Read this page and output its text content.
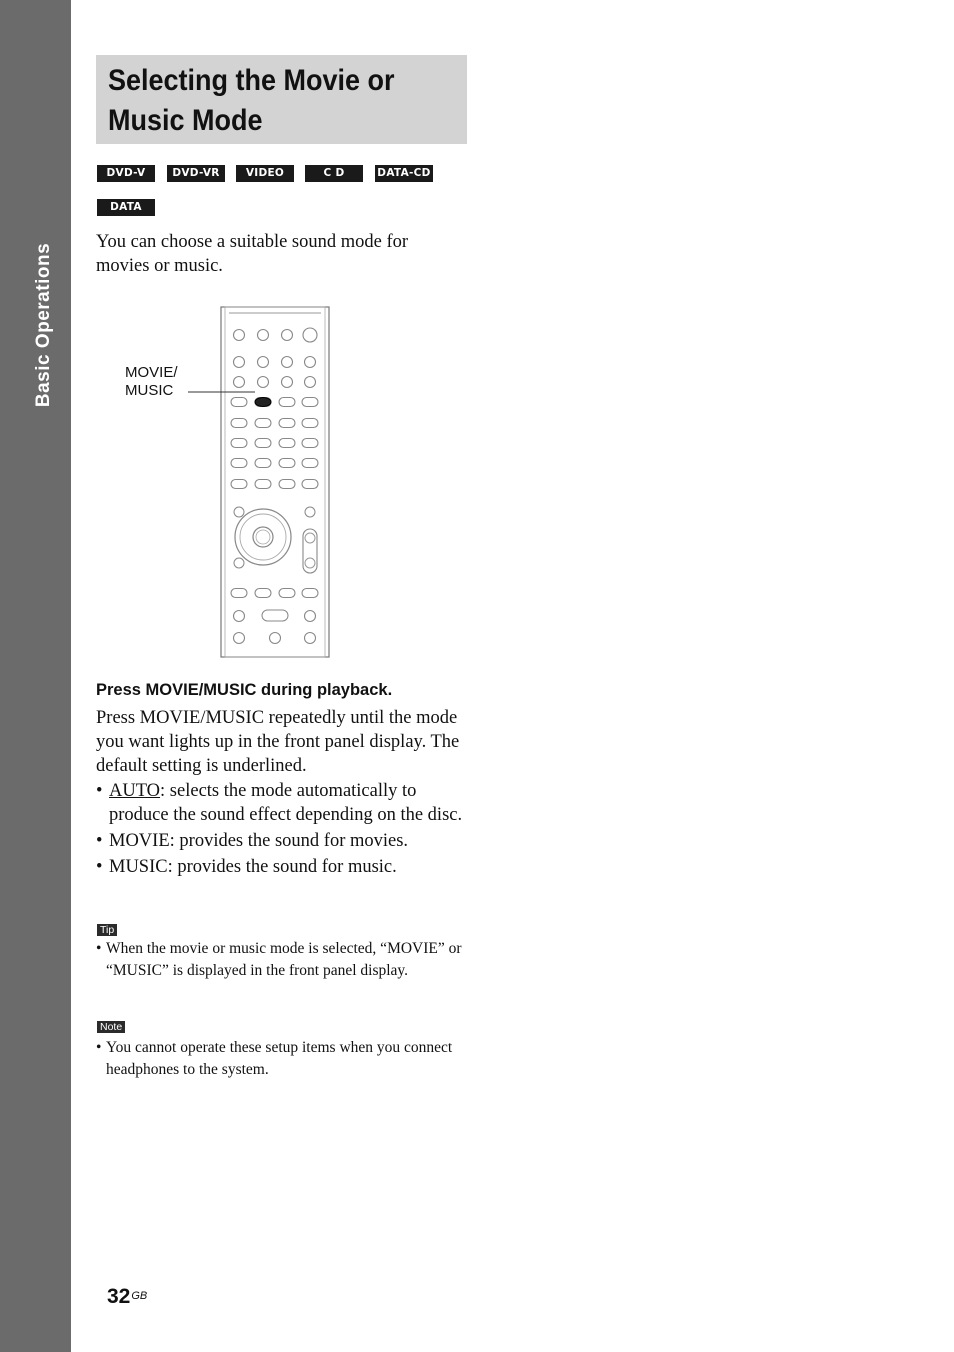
Basic Operations
Selecting the Movie or Music Mode
DVD-V	DVD-VR	VIDEO CD
C D	DATA-CD
DATA DVD

You can choose a suitable sound mode for movies or music.

MOVIE/
MUSIC

Press MOVIE/MUSIC during playback.

Press MOVIE/MUSIC repeatedly until the mode you want lights up in the front panel display. The default setting is underlined.

• AUTO: selects the mode automatically to produce the sound effect depending on the disc.
• MOVIE: provides the sound for movies.
• MUSIC: provides the sound for music.
Tip

• When the movie or music mode is selected, “MOVIE” or “MUSIC” is displayed in the front panel display.

Note

• You cannot operate these setup items when you connect headphones to the system.

$32^{GB}$
